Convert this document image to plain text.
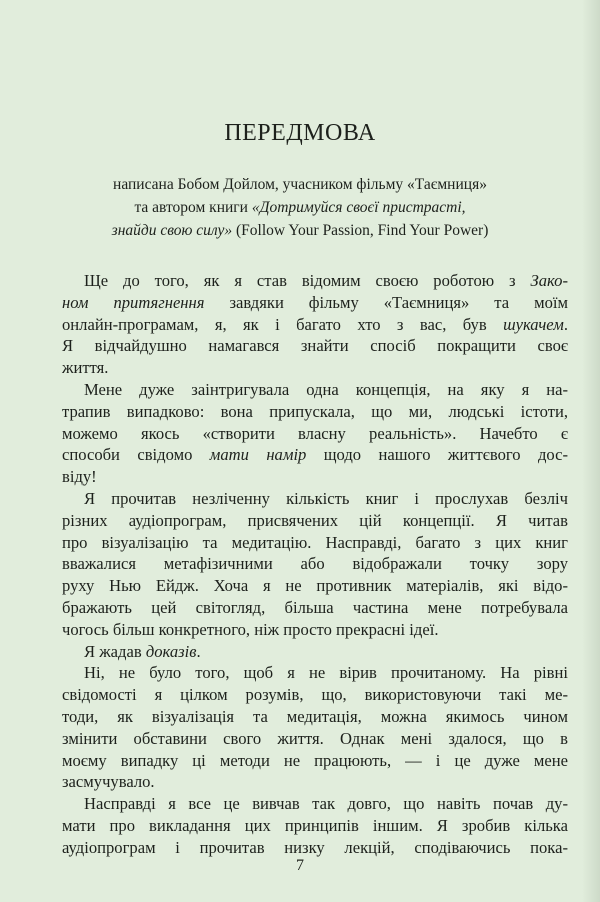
ПЕРЕДМОВА
написана Бобом Дойлом, учасником фільму «Таємниця»
та автором книги «Дотримуйся своєї пристрасті,
знайди свою силу» (Follow Your Passion, Find Your Power)
Ще до того, як я став відомим своєю роботою з Зако-
ном притягнення завдяки фільму «Таємниця» та моїм
онлайн-програмам, я, як і багато хто з вас, був шукачем.
Я відчайдушно намагався знайти спосіб покращити своє
життя.
Мене дуже заінтригувала одна концепція, на яку я на-
трапив випадково: вона припускала, що ми, людські істоти,
можемо якось «створити власну реальність». Начебто є
способи свідомо мати намір щодо нашого життєвого дос-
віду!
Я прочитав незліченну кількість книг і прослухав безліч
різних аудіопрограм, присвячених цій концепції. Я читав
про візуалізацію та медитацію. Насправді, багато з цих книг
вважалися метафізичними або відображали точку зору
руху Нью Ейдж. Хоча я не противник матеріалів, які відо-
бражають цей світогляд, більша частина мене потребувала
чогось більш конкретного, ніж просто прекрасні ідеї.
Я жадав доказів.
Ні, не було того, щоб я не вірив прочитаному. На рівні
свідомості я цілком розумів, що, використовуючи такі ме-
тоди, як візуалізація та медитація, можна якимось чином
змінити обставини свого життя. Однак мені здалося, що в
моєму випадку ці методи не працюють, — і це дуже мене
засмучувало.
Насправді я все це вивчав так довго, що навіть почав ду-
мати про викладання цих принципів іншим. Я зробив кілька
аудіопрограм і прочитав низку лекцій, сподіваючись пока-
7
